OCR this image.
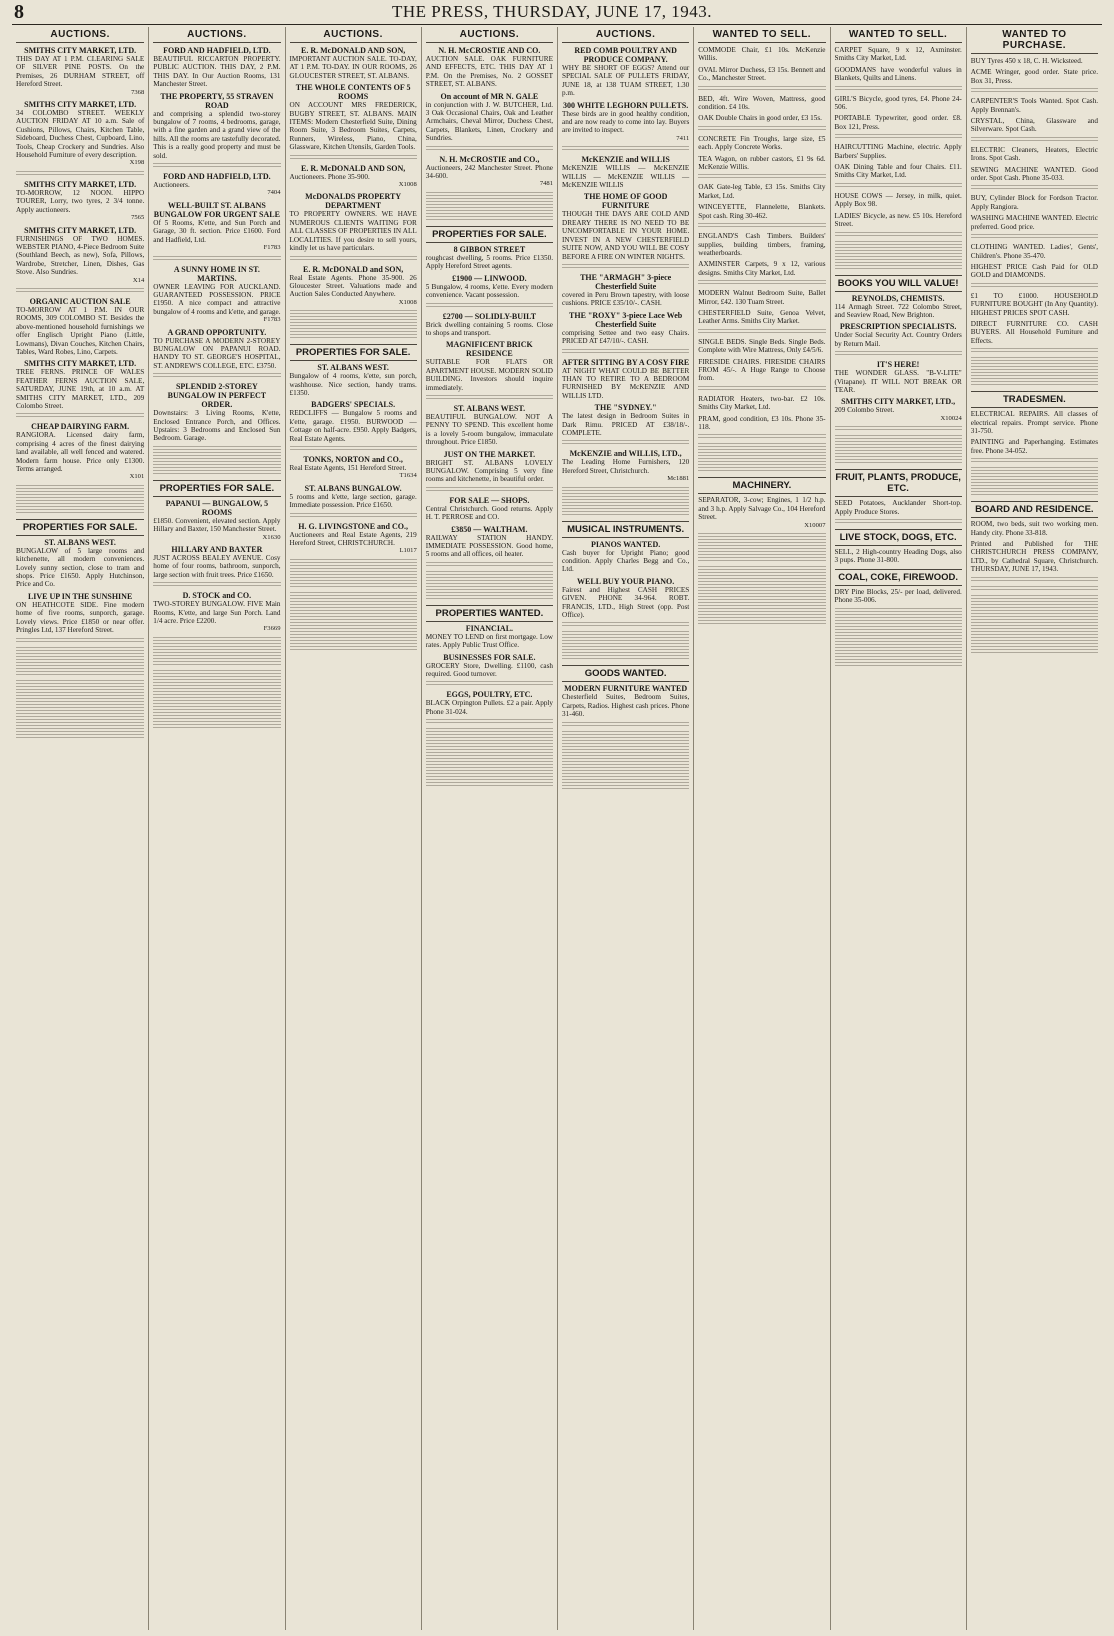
8	THE PRESS, THURSDAY, JUNE 17, 1943.
AUCTIONS.
SMITHS CITY MARKET, LTD.
THIS DAY AT 1 P.M. CLEARING SALE OF SILVER PINE POSTS. On the Premises, 26 DURHAM STREET, off Hereford Street.
7368
SMITHS CITY MARKET, LTD.
34 COLOMBO STREET. WEEKLY AUCTION FRIDAY AT 10 a.m. Sale of Cushions, Pillows, Chairs, Kitchen Table, Sideboard, Duchess Chest, Cupboard, Lino, Tools, Cheap Crockery and Sundries. Also Household Furniture of every description.
X198
SMITHS CITY MARKET, LTD.
TO-MORROW, 12 NOON. HIPPO TOURER, Lorry, two tyres, 2 3/4 tonne. Apply auctioneers.
7565
SMITHS CITY MARKET, LTD.
FURNISHINGS OF TWO HOMES. WEBSTER PIANO, 4-Piece Bedroom Suite (Southland Beech, as new), Sofa, Pillows, Wardrobe, Stretcher, Linen, Dishes, Gas Stove. Also Sundries.
X14
ORGANIC AUCTION SALE
TO-MORROW AT 1 P.M. IN OUR ROOMS, 309 COLOMBO ST. Besides the above-mentioned household furnishings we offer Englisch Upright Piano (Little, Lowmans), Divan Couches, Kitchen Chairs, Tables, Ward Robes, Lino, Carpets.
SMITHS CITY MARKET, LTD.
TREE FERNS. PRINCE OF WALES FEATHER FERNS AUCTION SALE, SATURDAY, JUNE 19th, at 10 a.m. AT SMITHS CITY MARKET, LTD., 209 Colombo Street.
CHEAP DAIRYING FARM.
RANGIORA. Licensed dairy farm, comprising 4 acres of the finest dairying land available, all well fenced and watered. Modern farm house. Price only £1300. Terms arranged.
X101
PROPERTIES FOR SALE.
ST. ALBANS WEST.
BUNGALOW of 5 large rooms and kitchenette, all modern conveniences. Lovely sunny section, close to tram and shops. Price £1650. Apply Hutchinson, Price and Co.
LIVE UP IN THE SUNSHINE
ON HEATHCOTE SIDE. Fine modern home of five rooms, sunporch, garage. Lovely views. Price £1850 or near offer. Pringles Ltd, 137 Hereford Street.
AUCTIONS.
FORD AND HADFIELD, LTD.
BEAUTIFUL RICCARTON PROPERTY. PUBLIC AUCTION. THIS DAY, 2 P.M. THIS DAY. In Our Auction Rooms, 131 Manchester Street.
THE PROPERTY, 55 STRAVEN ROAD
and comprising a splendid two-storey bungalow of 7 rooms, 4 bedrooms, garage, with a fine garden and a grand view of the hills. All the rooms are tastefully decorated. This is a really good property and must be sold.
FORD AND HADFIELD, LTD.
Auctioneers.
7404
WELL-BUILT ST. ALBANS BUNGALOW FOR URGENT SALE
Of 5 Rooms, K'ette, and Sun Porch and Garage, 30 ft. section. Price £1600. Ford and Hadfield, Ltd.
F1783
A SUNNY HOME IN ST. MARTINS.
OWNER LEAVING FOR AUCKLAND. GUARANTEED POSSESSION. PRICE £1950. A nice compact and attractive bungalow of 4 rooms and k'ette, and garage.
F1783
A GRAND OPPORTUNITY.
TO PURCHASE A MODERN 2-STOREY BUNGALOW ON PAPANUI ROAD. HANDY TO ST. GEORGE'S HOSPITAL, ST. ANDREW'S COLLEGE, ETC. £3750.
SPLENDID 2-STOREY BUNGALOW IN PERFECT ORDER.
Downstairs: 3 Living Rooms, K'ette, Enclosed Entrance Porch, and Offices. Upstairs: 3 Bedrooms and Enclosed Sun Bedroom. Garage.
PROPERTIES FOR SALE.
PAPANUI — BUNGALOW, 5 ROOMS
£1850. Convenient, elevated section. Apply Hillary and Baxter, 150 Manchester Street.
X1630
HILLARY AND BAXTER
JUST ACROSS BEALEY AVENUE. Cosy home of four rooms, bathroom, sunporch, large section with fruit trees. Price £1650.
D. STOCK and CO.
TWO-STOREY BUNGALOW. FIVE Main Rooms, K'ette, and large Sun Porch. Land 1/4 acre. Price £2200.
F3669
AUCTIONS.
E. R. McDONALD AND SON,
IMPORTANT AUCTION SALE. TO-DAY, AT 1 P.M. TO-DAY. IN OUR ROOMS, 26 GLOUCESTER STREET, ST. ALBANS.
THE WHOLE CONTENTS OF 5 ROOMS
ON ACCOUNT MRS FREDERICK, BUGBY STREET, ST. ALBANS. MAIN ITEMS: Modern Chesterfield Suite, Dining Room Suite, 3 Bedroom Suites, Carpets, Runners, Wireless, Piano, China, Glassware, Kitchen Utensils, Garden Tools.
E. R. McDONALD AND SON,
Auctioneers. Phone 35-900.
X1008
McDONALDS PROPERTY DEPARTMENT
TO PROPERTY OWNERS. WE HAVE NUMEROUS CLIENTS WAITING FOR ALL CLASSES OF PROPERTIES IN ALL LOCALITIES. If you desire to sell yours, kindly let us have particulars.
E. R. McDONALD and SON,
Real Estate Agents. Phone 35-900. 26 Gloucester Street. Valuations made and Auction Sales Conducted Anywhere.
X1008
PROPERTIES FOR SALE.
ST. ALBANS WEST.
Bungalow of 4 rooms, k'ette, sun porch, washhouse. Nice section, handy trams. £1350.
BADGERS' SPECIALS.
REDCLIFFS — Bungalow 5 rooms and k'ette, garage. £1950. BURWOOD — Cottage on half-acre. £950. Apply Badgers, Real Estate Agents.
TONKS, NORTON and CO.,
Real Estate Agents, 151 Hereford Street.
T1634
ST. ALBANS BUNGALOW.
5 rooms and k'ette, large section, garage. Immediate possession. Price £1650.
H. G. LIVINGSTONE and CO.,
Auctioneers and Real Estate Agents, 219 Hereford Street, CHRISTCHURCH.
L1017
AUCTIONS.
N. H. McCROSTIE AND CO.
AUCTION SALE. OAK FURNITURE AND EFFECTS, ETC. THIS DAY AT 1 P.M. On the Premises, No. 2 GOSSET STREET, ST. ALBANS.
On account of MR N. GALE
in conjunction with J. W. BUTCHER, Ltd. 3 Oak Occasional Chairs, Oak and Leather Armchairs, Cheval Mirror, Duchess Chest, Carpets, Blankets, Linen, Crockery and Sundries.
N. H. McCROSTIE and CO.,
Auctioneers, 242 Manchester Street. Phone 34-600.
7481
PROPERTIES FOR SALE.
8 GIBBON STREET
roughcast dwelling, 5 rooms. Price £1350. Apply Hereford Street agents.
£1900 — LINWOOD.
5 Bungalow, 4 rooms, k'ette. Every modern convenience. Vacant possession.
£2700 — SOLIDLY-BUILT
Brick dwelling containing 5 rooms. Close to shops and transport.
MAGNIFICENT BRICK RESIDENCE
SUITABLE FOR FLATS OR APARTMENT HOUSE. MODERN SOLID BUILDING. Investors should inquire immediately.
ST. ALBANS WEST.
BEAUTIFUL BUNGALOW. NOT A PENNY TO SPEND. This excellent home is a lovely 5-room bungalow, immaculate throughout. Price £1850.
JUST ON THE MARKET.
BRIGHT ST. ALBANS LOVELY BUNGALOW. Comprising 5 very fine rooms and kitchenette, in beautiful order.
FOR SALE — SHOPS.
Central Christchurch. Good returns. Apply H. T. PERROSE and CO.
£3850 — WALTHAM.
RAILWAY STATION HANDY. IMMEDIATE POSSESSION. Good home, 5 rooms and all offices, oil heater.
PROPERTIES WANTED.
FINANCIAL.
MONEY TO LEND on first mortgage. Low rates. Apply Public Trust Office.
BUSINESSES FOR SALE.
GROCERY Store, Dwelling. £1100, cash required. Good turnover.
EGGS, POULTRY, ETC.
BLACK Orpington Pullets. £2 a pair. Apply Phone 31-024.
AUCTIONS.
RED COMB POULTRY AND PRODUCE COMPANY.
WHY BE SHORT OF EGGS? Attend our SPECIAL SALE OF PULLETS FRIDAY, JUNE 18, at 138 TUAM STREET, 1.30 p.m.
300 WHITE LEGHORN PULLETS.
These birds are in good healthy condition, and are now ready to come into lay. Buyers are invited to inspect.
7411
McKENZIE and WILLIS
McKENZIE WILLIS — McKENZIE WILLIS — McKENZIE WILLIS — McKENZIE WILLIS
THE HOME OF GOOD FURNITURE
THOUGH THE DAYS ARE COLD AND DREARY THERE IS NO NEED TO BE UNCOMFORTABLE IN YOUR HOME. INVEST IN A NEW CHESTERFIELD SUITE NOW, AND YOU WILL BE COSY BEFORE A FIRE ON WINTER NIGHTS.
THE "ARMAGH" 3-piece Chesterfield Suite
covered in Peru Brown tapestry, with loose cushions. PRICE £35/10/-. CASH.
THE "ROXY" 3-piece Lace Web Chesterfield Suite
comprising Settee and two easy Chairs. PRICED AT £47/10/-. CASH.
AFTER SITTING BY A COSY FIRE
AT NIGHT WHAT COULD BE BETTER THAN TO RETIRE TO A BEDROOM FURNISHED BY McKENZIE AND WILLIS LTD.
THE "SYDNEY."
The latest design in Bedroom Suites in Dark Rimu. PRICED AT £38/18/-. COMPLETE.
McKENZIE and WILLIS, LTD.,
The Leading Home Furnishers, 120 Hereford Street, Christchurch.
Mc1881
MUSICAL INSTRUMENTS.
PIANOS WANTED.
Cash buyer for Upright Piano; good condition. Apply Charles Begg and Co., Ltd.
WELL BUY YOUR PIANO.
Fairest and Highest CASH PRICES GIVEN. PHONE 34-964. ROBT. FRANCIS, LTD., High Street (opp. Post Office).
GOODS WANTED.
MODERN FURNITURE WANTED
Chesterfield Suites, Bedroom Suites, Carpets, Radios. Highest cash prices. Phone 31-460.
WANTED TO SELL.
COMMODE Chair, £1 10s. McKenzie Willis.
OVAL Mirror Duchess, £3 15s. Bennett and Co., Manchester Street.
BED, 4ft. Wire Woven, Mattress, good condition. £4 10s.
OAK Double Chairs in good order, £3 15s.
CONCRETE Fin Troughs, large size, £5 each. Apply Concrete Works.
TEA Wagon, on rubber castors, £1 9s 6d. McKenzie Willis.
OAK Gate-leg Table, £3 15s. Smiths City Market, Ltd.
WINCEYETTE, Flannelette, Blankets. Spot cash. Ring 30-462.
ENGLAND'S Cash Timbers. Builders' supplies, building timbers, framing, weatherboards.
AXMINSTER Carpets, 9 x 12, various designs. Smiths City Market, Ltd.
MODERN Walnut Bedroom Suite, Ballet Mirror, £42. 130 Tuam Street.
CHESTERFIELD Suite, Genoa Velvet, Leather Arms. Smiths City Market.
SINGLE BEDS. Single Beds. Single Beds. Complete with Wire Mattress, Only £4/5/6.
FIRESIDE CHAIRS. FIRESIDE CHAIRS FROM 45/-. A Huge Range to Choose from.
RADIATOR Heaters, two-bar. £2 10s. Smiths City Market, Ltd.
PRAM, good condition, £3 10s. Phone 35-118.
MACHINERY.
SEPARATOR, 3-cow; Engines, 1 1/2 h.p. and 3 h.p. Apply Salvage Co., 104 Hereford Street.
X10007
WANTED TO SELL.
CARPET Square, 9 x 12, Axminster. Smiths City Market, Ltd.
GOODMANS have wonderful values in Blankets, Quilts and Linens.
GIRL'S Bicycle, good tyres, £4. Phone 24-506.
PORTABLE Typewriter, good order. £8. Box 121, Press.
HAIRCUTTING Machine, electric. Apply Barbers' Supplies.
OAK Dining Table and four Chairs. £11. Smiths City Market, Ltd.
HOUSE COWS — Jersey, in milk, quiet. Apply Box 98.
LADIES' Bicycle, as new. £5 10s. Hereford Street.
BOOKS YOU WILL VALUE!
REYNOLDS, CHEMISTS.
114 Armagh Street. 722 Colombo Street, and Seaview Road, New Brighton.
PRESCRIPTION SPECIALISTS.
Under Social Security Act. Country Orders by Return Mail.
IT'S HERE!
THE WONDER GLASS. "B-V-LITE" (Vitapane). IT WILL NOT BREAK OR TEAR.
SMITHS CITY MARKET, LTD.,
209 Colombo Street.
X10024
FRUIT, PLANTS, PRODUCE, ETC.
SEED Potatoes, Aucklander Short-top. Apply Produce Stores.
LIVE STOCK, DOGS, ETC.
SELL, 2 High-country Heading Dogs, also 3 pups. Phone 31-800.
COAL, COKE, FIREWOOD.
DRY Pine Blocks, 25/- per load, delivered. Phone 35-006.
WANTED TO PURCHASE.
BUY Tyres 450 x 18, C. H. Wicksteed.
ACME Wringer, good order. State price. Box 31, Press.
CARPENTER'S Tools Wanted. Spot Cash. Apply Brennan's.
CRYSTAL, China, Glassware and Silverware. Spot Cash.
ELECTRIC Cleaners, Heaters, Electric Irons. Spot Cash.
SEWING MACHINE WANTED. Good order. Spot Cash. Phone 35-033.
BUY, Cylinder Block for Fordson Tractor. Apply Rangiora.
WASHING MACHINE WANTED. Electric preferred. Good price.
CLOTHING WANTED. Ladies', Gents', Children's. Phone 35-470.
HIGHEST PRICE Cash Paid for OLD GOLD and DIAMONDS.
£1 TO £1000. HOUSEHOLD FURNITURE BOUGHT (In Any Quantity). HIGHEST PRICES SPOT CASH.
DIRECT FURNITURE CO. CASH BUYERS. All Household Furniture and Effects.
TRADESMEN.
ELECTRICAL REPAIRS. All classes of electrical repairs. Prompt service. Phone 31-750.
PAINTING and Paperhanging. Estimates free. Phone 34-052.
BOARD AND RESIDENCE.
ROOM, two beds, suit two working men. Handy city. Phone 33-818.
Printed and Published for THE CHRISTCHURCH PRESS COMPANY, LTD., by Cathedral Square, Christchurch. THURSDAY, JUNE 17, 1943.
